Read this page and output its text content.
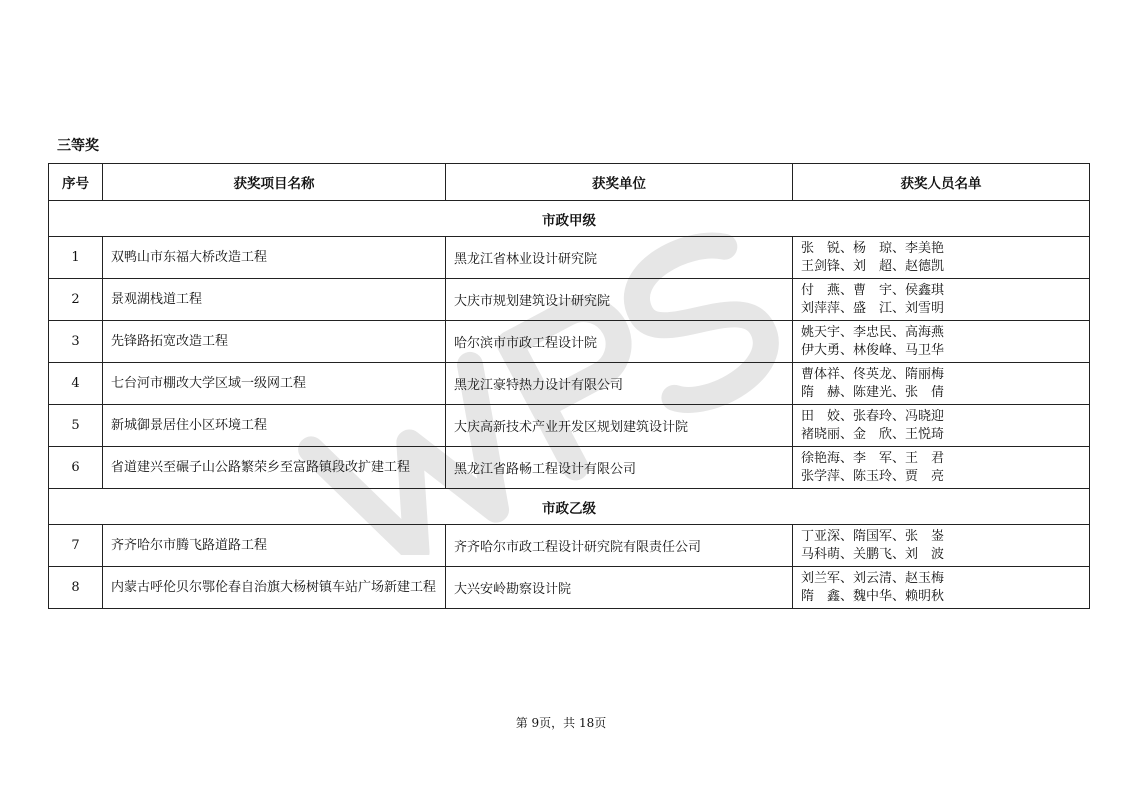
三等奖
序号	获奖项目名称	获奖单位	获奖人员名单
市政甲级			
1	双鸭山市东福大桥改造工程	黑龙江省林业设计研究院	张　锐、杨　琼、李美艳
王剑锋、刘　超、赵德凯

2	景观湖栈道工程	大庆市规划建筑设计研究院	付　燕、曹　宇、侯鑫琪
刘萍萍、盛　江、刘雪明

3	先锋路拓宽改造工程	哈尔滨市市政工程设计院	姚天宇、李忠民、高海燕
伊大勇、林俊峰、马卫华

4	七台河市棚改大学区域一级网工程	黑龙江豪特热力设计有限公司	曹体祥、佟英龙、隋丽梅
隋　赫、陈建光、张　倩

5	新城御景居住小区环境工程	大庆高新技术产业开发区规划建筑设计院	田　姣、张春玲、冯晓迎
褚晓丽、金　欣、王悦琦

6	省道建兴至碾子山公路繁荣乡至富路镇段改扩建工程	黑龙江省路畅工程设计有限公司	徐艳海、李　军、王　君
张学萍、陈玉玲、贾　亮

市政乙级			
7	齐齐哈尔市腾飞路道路工程	齐齐哈尔市政工程设计研究院有限责任公司	丁亚深、隋国军、张　崟
马科萌、关鹏飞、刘　波

8	内蒙古呼伦贝尔鄂伦春自治旗大杨树镇车站广场新建工程	大兴安岭勘察设计院	刘兰军、刘云清、赵玉梅
隋　鑫、魏中华、赖明秋
第 9页，共 18页
